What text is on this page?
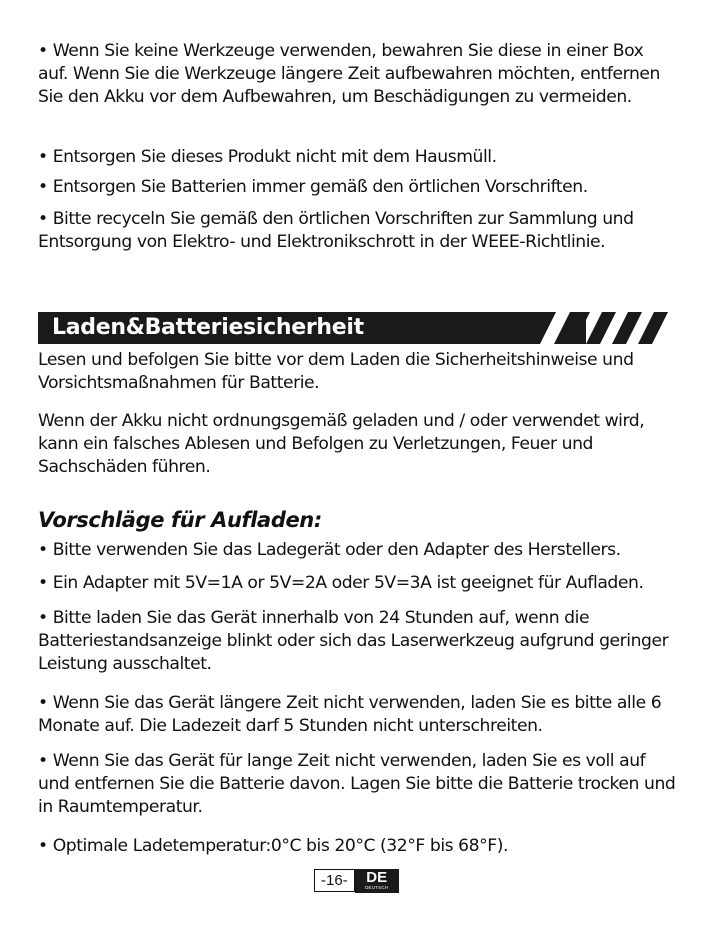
• Wenn Sie keine Werkzeuge verwenden, bewahren Sie diese in einer Box auf. Wenn Sie die Werkzeuge längere Zeit aufbewahren möchten, entfernen Sie den Akku vor dem Aufbewahren, um Beschädigungen zu vermeiden.

• Entsorgen Sie dieses Produkt nicht mit dem Hausmüll.

• Entsorgen Sie Batterien immer gemäß den örtlichen Vorschriften.

• Bitte recyceln Sie gemäß den örtlichen Vorschriften zur Sammlung und Entsorgung von Elektro- und Elektronikschrott in der WEEE-Richtlinie.

Laden&Batteriesicherheit

Lesen und befolgen Sie bitte vor dem Laden die Sicherheitshinweise und Vorsichtsmaßnahmen für Batterie.

Wenn der Akku nicht ordnungsgemäß geladen und / oder verwendet wird, kann ein falsches Ablesen und Befolgen zu Verletzungen, Feuer und Sachschäden führen.

Vorschläge für Aufladen:

• Bitte verwenden Sie das Ladegerät oder den Adapter des Herstellers.

• Ein Adapter mit 5V=1A or 5V=2A oder 5V=3A ist geeignet für Aufladen.

• Bitte laden Sie das Gerät innerhalb von 24 Stunden auf, wenn die Batteriestandsanzeige blinkt oder sich das Laserwerkzeug aufgrund geringer Leistung ausschaltet.

• Wenn Sie das Gerät längere Zeit nicht verwenden, laden Sie es bitte alle 6 Monate auf. Die Ladezeit darf 5 Stunden nicht unterschreiten.

• Wenn Sie das Gerät für lange Zeit nicht verwenden, laden Sie es voll auf und entfernen Sie die Batterie davon. Lagen Sie bitte die Batterie trocken und in Raumtemperatur.

• Optimale Ladetemperatur:0°C bis 20°C (32°F bis 68°F).

-16-	DE
DEUTSCH
